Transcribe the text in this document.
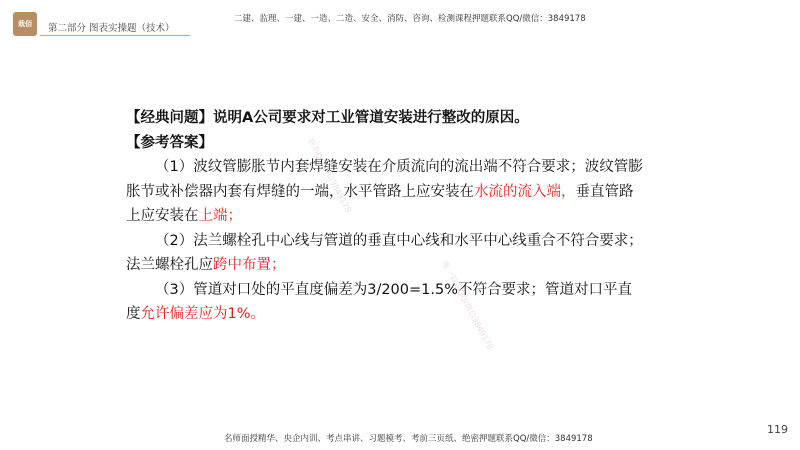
栽佰	第二部分 图表实操题（技术）
二建、监理、一建、一造、二造、安全、消防、咨询、检测课程押题联系QQ/微信：3849178

【经典问题】说明A公司要求对工业管道安装进行整改的原因。

【参考答案】

（1）波纹管膨胀节内套焊缝安装在介质流向的流出端不符合要求；波纹管膨胀节或补偿器内套有焊缝的一端，水平管路上应安装在水流的流入端，垂直管路上应安装在上端；

（2）法兰螺栓孔中心线与管道的垂直中心线和水平中心线重合不符合要求；法兰螺栓孔应跨中布置；

（3）管道对口处的平直度偏差为3/200=1.5%不符合要求；管道对口平直度允许偏差应为1%。

联系QQ/微信3849178
唯一联系QQ/微信3849178
119
名师面授精华、央企内训、考点串讲、习题模考、考前三页纸、绝密押题联系QQ/微信：3849178
